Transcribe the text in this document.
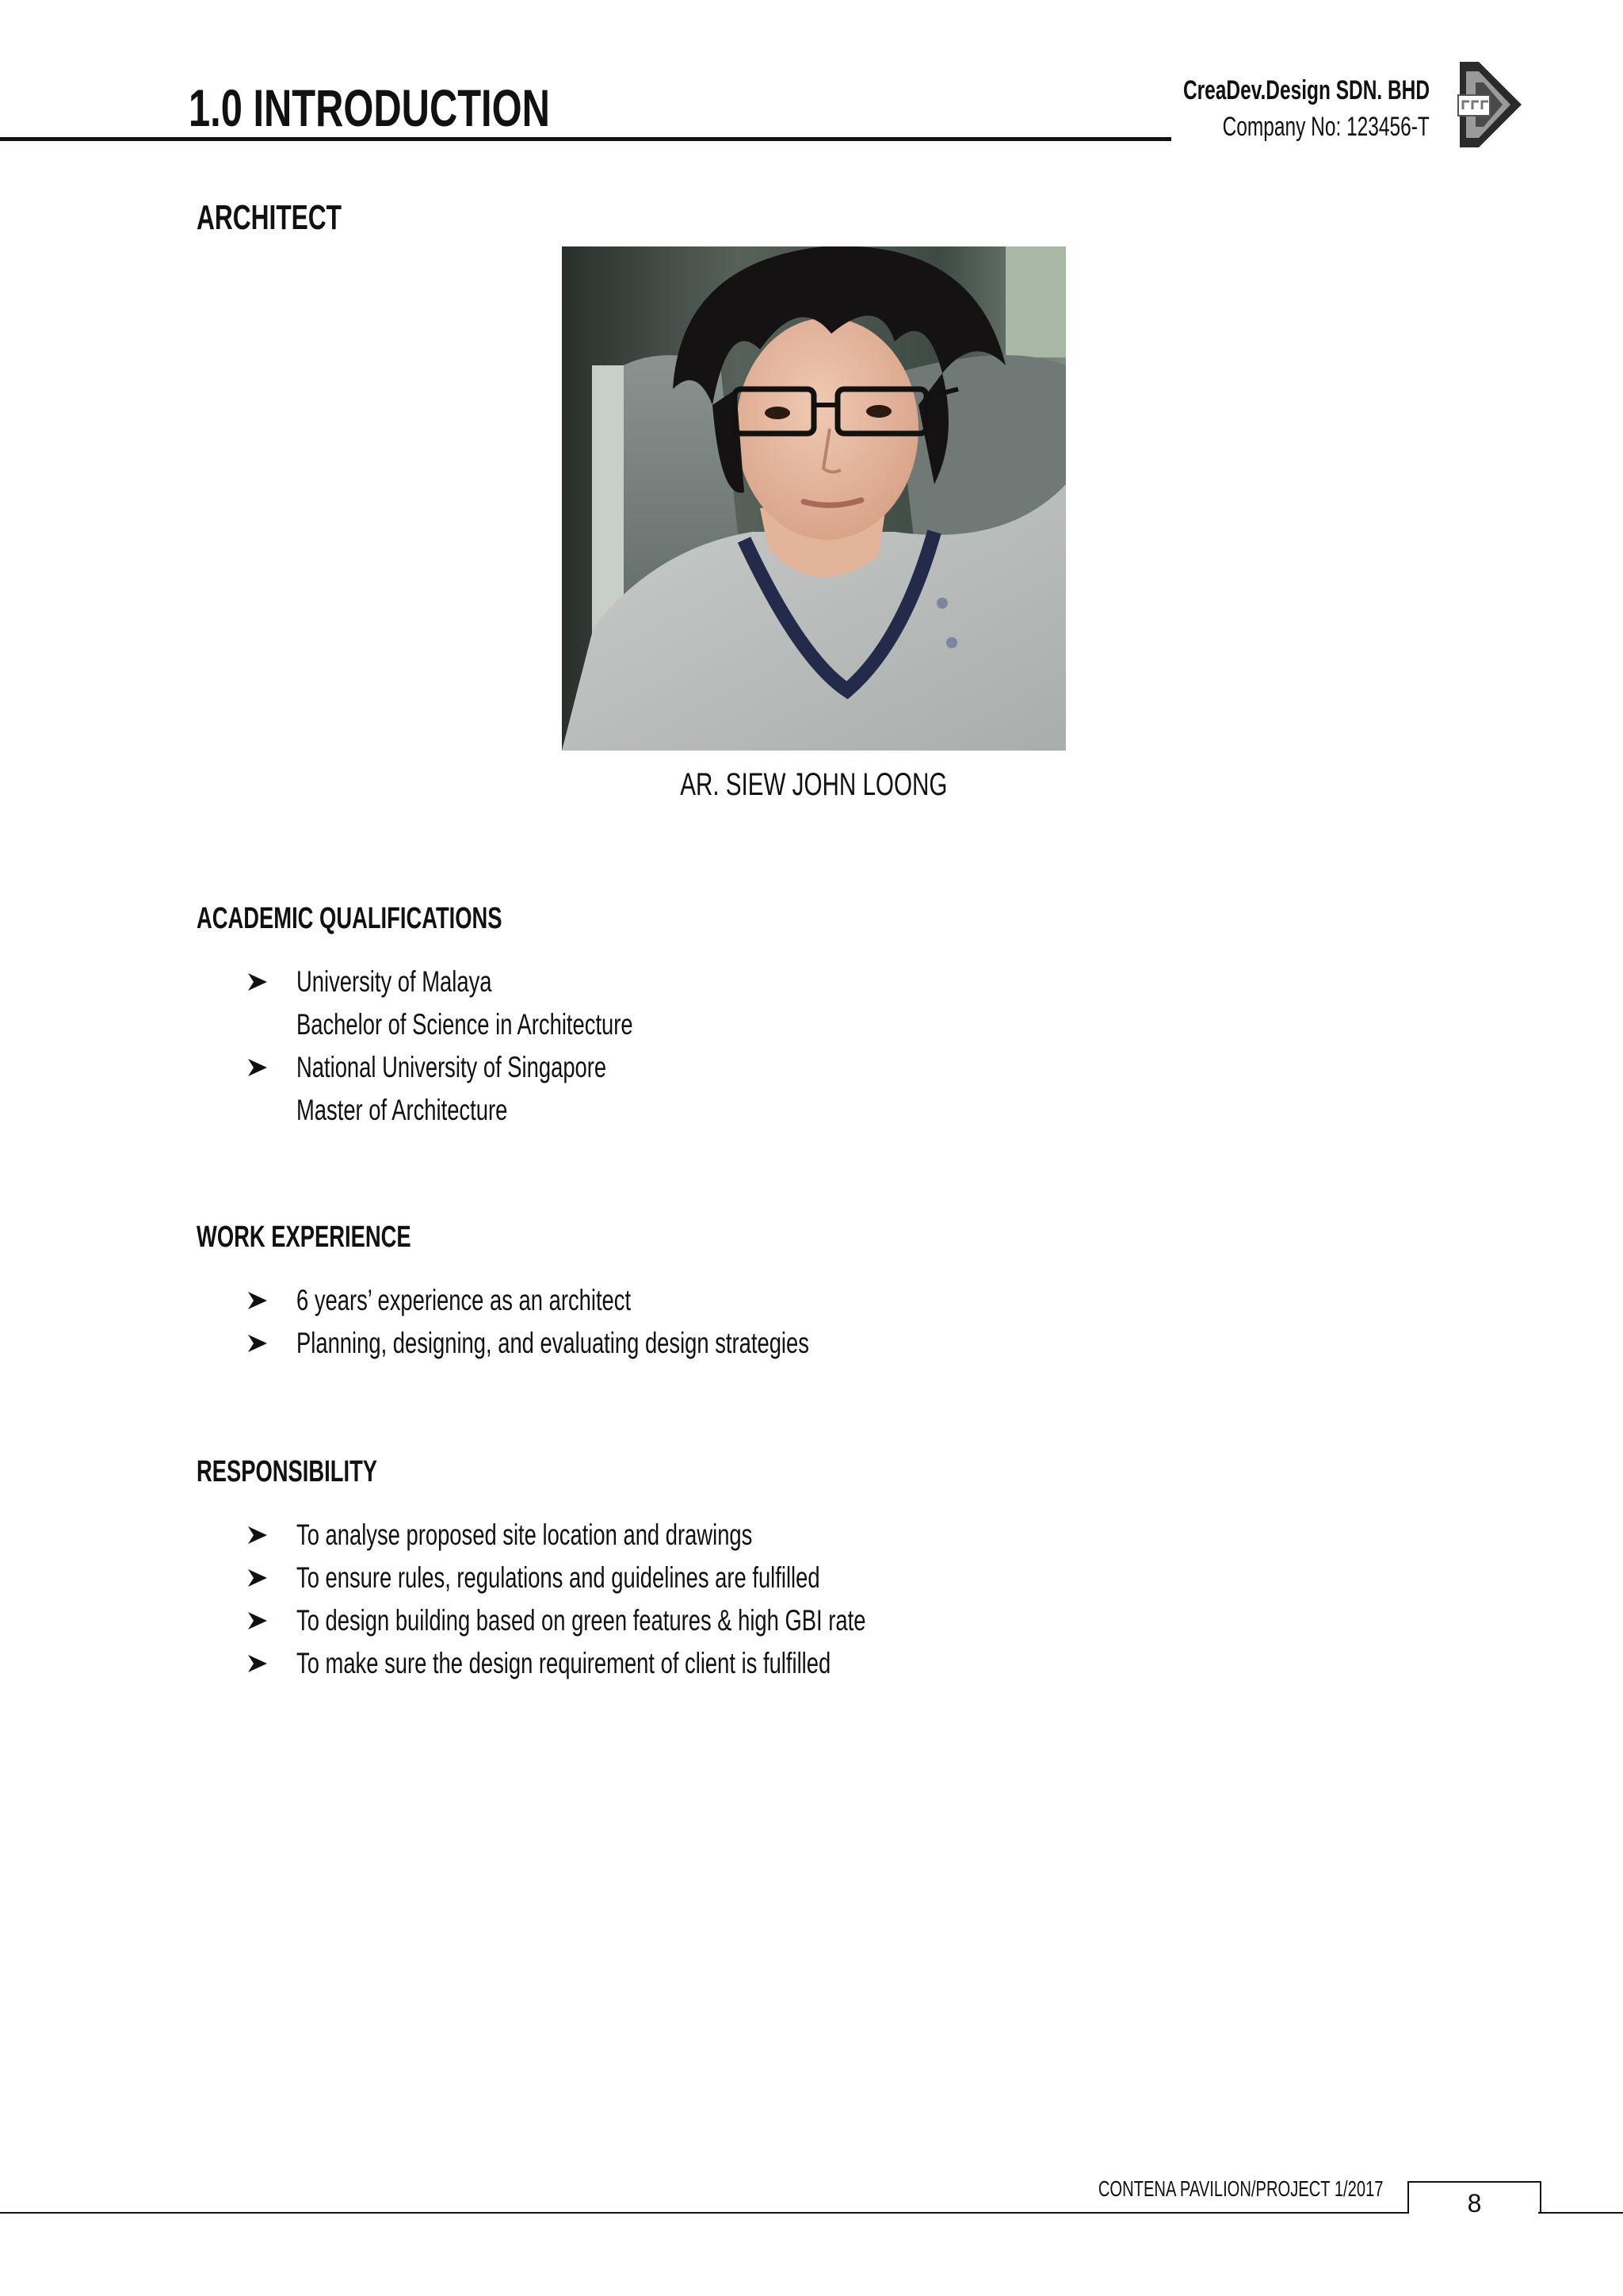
1.0 INTRODUCTION	CreaDev.Design SDN. BHD
Company No: 123456-T
ARCHITECT
AR. SIEW JOHN LOONG
ACADEMIC QUALIFICATIONS
University of Malaya
Bachelor of Science in Architecture
National University of Singapore
Master of Architecture
WORK EXPERIENCE
6 years’ experience as an architect
Planning, designing, and evaluating design strategies
RESPONSIBILITY
To analyse proposed site location and drawings
To ensure rules, regulations and guidelines are fulfilled
To design building based on green features & high GBI rate
To make sure the design requirement of client is fulfilled
CONTENA PAVILION/PROJECT 1/2017
8
